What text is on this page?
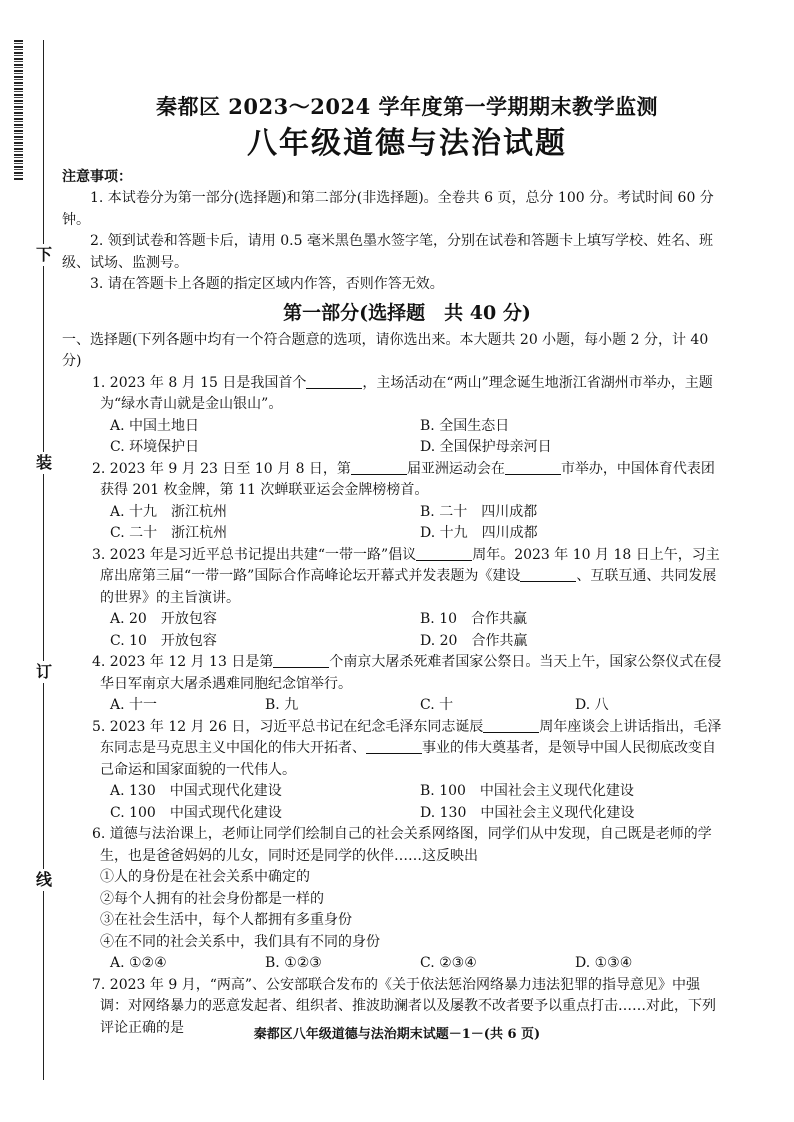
下
装
订
线
秦都区 2023～2024 学年度第一学期期末教学监测
八年级道德与法治试题
注意事项：

1. 本试卷分为第一部分(选择题)和第二部分(非选择题)。全卷共 6 页，总分 100 分。考试时间 60 分钟。

2. 领到试卷和答题卡后，请用 0.5 毫米黑色墨水签字笔，分别在试卷和答题卡上填写学校、姓名、班级、试场、监测号。

3. 请在答题卡上各题的指定区域内作答，否则作答无效。

第一部分(选择题　共 40 分)

一、选择题(下列各题中均有一个符合题意的选项，请你选出来。本大题共 20 小题，每小题 2 分，计 40 分)

1. 2023 年 8 月 15 日是我国首个	，主场活动在“两山”理念诞生地浙江省湖州市举办，主题为“绿水青山就是金山银山”。

A. 中国土地日	B. 全国生态日
C. 环境保护日	D. 全国保护母亲河日

2. 2023 年 9 月 23 日至 10 月 8 日，第	届亚洲运动会在	市举办，中国体育代表团获得 201 枚金牌，第 11 次蝉联亚运会金牌榜榜首。

A. 十九　浙江杭州	B. 二十　四川成都
C. 二十　浙江杭州	D. 十九　四川成都

3. 2023 年是习近平总书记提出共建“一带一路”倡议	周年。2023 年 10 月 18 日上午，习主席出席第三届“一带一路”国际合作高峰论坛开幕式并发表题为《建设	、互联互通、共同发展的世界》的主旨演讲。

A. 20　开放包容	B. 10　合作共赢
C. 10　开放包容	D. 20　合作共赢

4. 2023 年 12 月 13 日是第	个南京大屠杀死难者国家公祭日。当天上午，国家公祭仪式在侵华日军南京大屠杀遇难同胞纪念馆举行。

A. 十一	B. 九	C. 十	D. 八

5. 2023 年 12 月 26 日，习近平总书记在纪念毛泽东同志诞辰	周年座谈会上讲话指出，毛泽东同志是马克思主义中国化的伟大开拓者、	事业的伟大奠基者，是领导中国人民彻底改变自己命运和国家面貌的一代伟人。

A. 130　中国式现代化建设	B. 100　中国社会主义现代化建设
C. 100　中国式现代化建设	D. 130　中国社会主义现代化建设

6. 道德与法治课上，老师让同学们绘制自己的社会关系网络图，同学们从中发现，自己既是老师的学生，也是爸爸妈妈的儿女，同时还是同学的伙伴……这反映出

①人的身份是在社会关系中确定的
②每个人拥有的社会身份都是一样的
③在社会生活中，每个人都拥有多重身份
④在不同的社会关系中，我们具有不同的身份
A. ①②④	B. ①②③	C. ②③④	D. ①③④

7. 2023 年 9 月，“两高”、公安部联合发布的《关于依法惩治网络暴力违法犯罪的指导意见》中强调：对网络暴力的恶意发起者、组织者、推波助澜者以及屡教不改者要予以重点打击……对此，下列评论正确的是	秦都区八年级道德与法治期末试题－1－(共 6 页)
